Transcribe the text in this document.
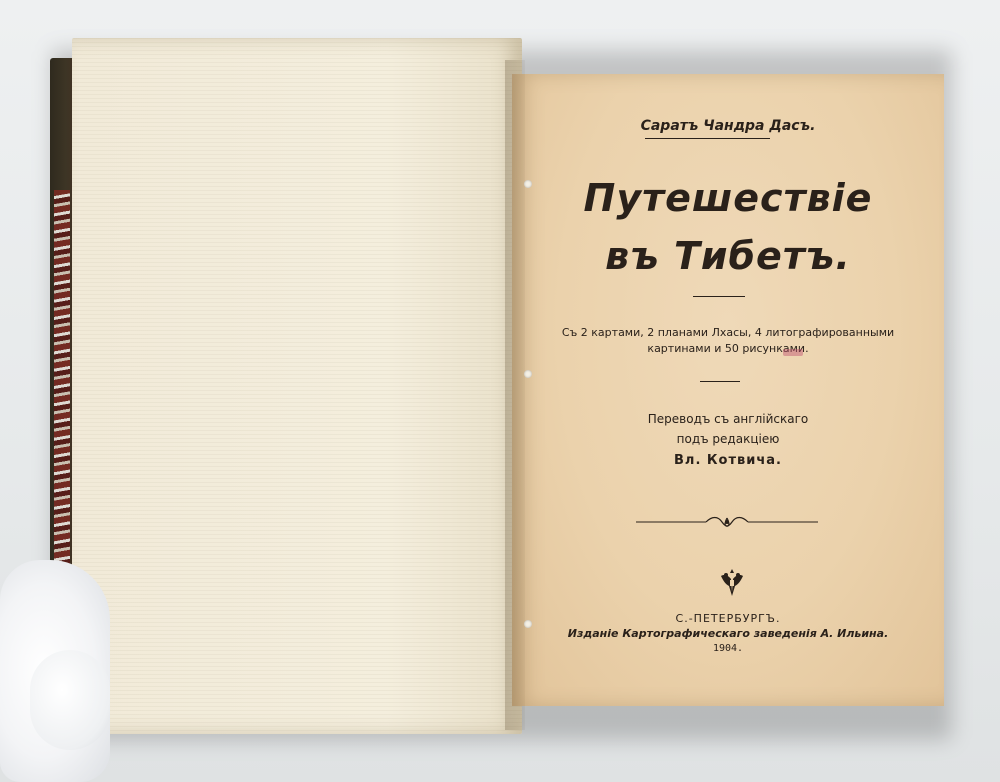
Саратъ Чандра Дасъ.
Путешествіе
въ Тибетъ.
Съ 2 картами, 2 планами Лхасы, 4 литографированными
картинами и 50 рисунками.
Переводъ съ англійскаго
подъ редакціею
Вл. Котвича.
С.-ПЕТЕРБУРГЪ.
Изданіе Картографическаго заведенія А. Ильина.
1904.
